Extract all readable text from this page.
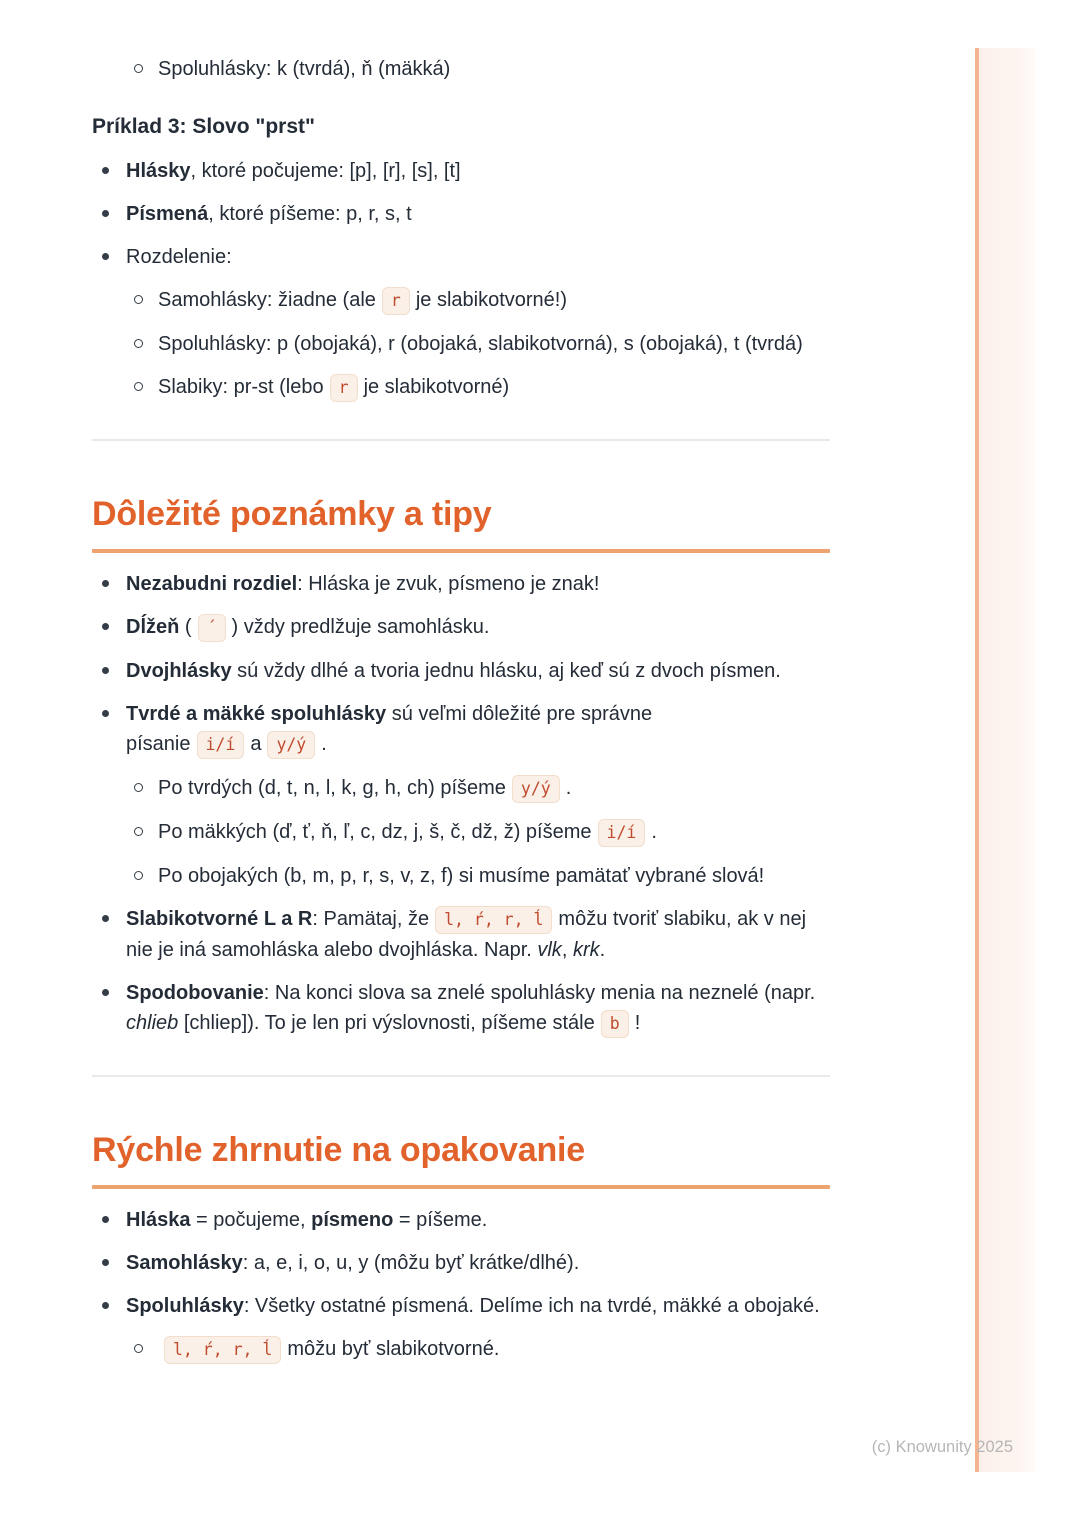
Spoluhlásky: k (tvrdá), ň (mäkká)
Príklad 3: Slovo "prst"
Hlásky, ktoré počujeme: [p], [r], [s], [t]
Písmená, ktoré píšeme: p, r, s, t
Rozdelenie:
Samohlásky: žiadne (ale r je slabikotvorné!)
Spoluhlásky: p (obojaká), r (obojaká, slabikotvorná), s (obojaká), t (tvrdá)
Slabiky: pr-st (lebo r je slabikotvorné)
Dôležité poznámky a tipy
Nezabudni rozdiel: Hláska je zvuk, písmeno je znak!
Dĺžeň ( ´ ) vždy predlžuje samohlásku.
Dvojhlásky sú vždy dlhé a tvoria jednu hlásku, aj keď sú z dvoch písmen.
Tvrdé a mäkké spoluhlásky sú veľmi dôležité pre správne písanie i/í a y/ý .
Po tvrdých (d, t, n, l, k, g, h, ch) píšeme y/ý .
Po mäkkých (ď, ť, ň, ľ, c, dz, j, š, č, dž, ž) píšeme i/í .
Po obojakých (b, m, p, r, s, v, z, f) si musíme pamätať vybrané slová!
Slabikotvorné L a R: Pamätaj, že l, ŕ, r, ĺ môžu tvoriť slabiku, ak v nej nie je iná samohláska alebo dvojhláska. Napr. vlk, krk.
Spodobovanie: Na konci slova sa znelé spoluhlásky menia na neznelé (napr. chlieb [chliep]). To je len pri výslovnosti, píšeme stále b !
Rýchle zhrnutie na opakovanie
Hláska = počujeme, písmeno = píšeme.
Samohlásky: a, e, i, o, u, y (môžu byť krátke/dlhé).
Spoluhlásky: Všetky ostatné písmená. Delíme ich na tvrdé, mäkké a obojaké.
l, ŕ, r, ĺ môžu byť slabikotvorné.
(c) Knowunity 2025
